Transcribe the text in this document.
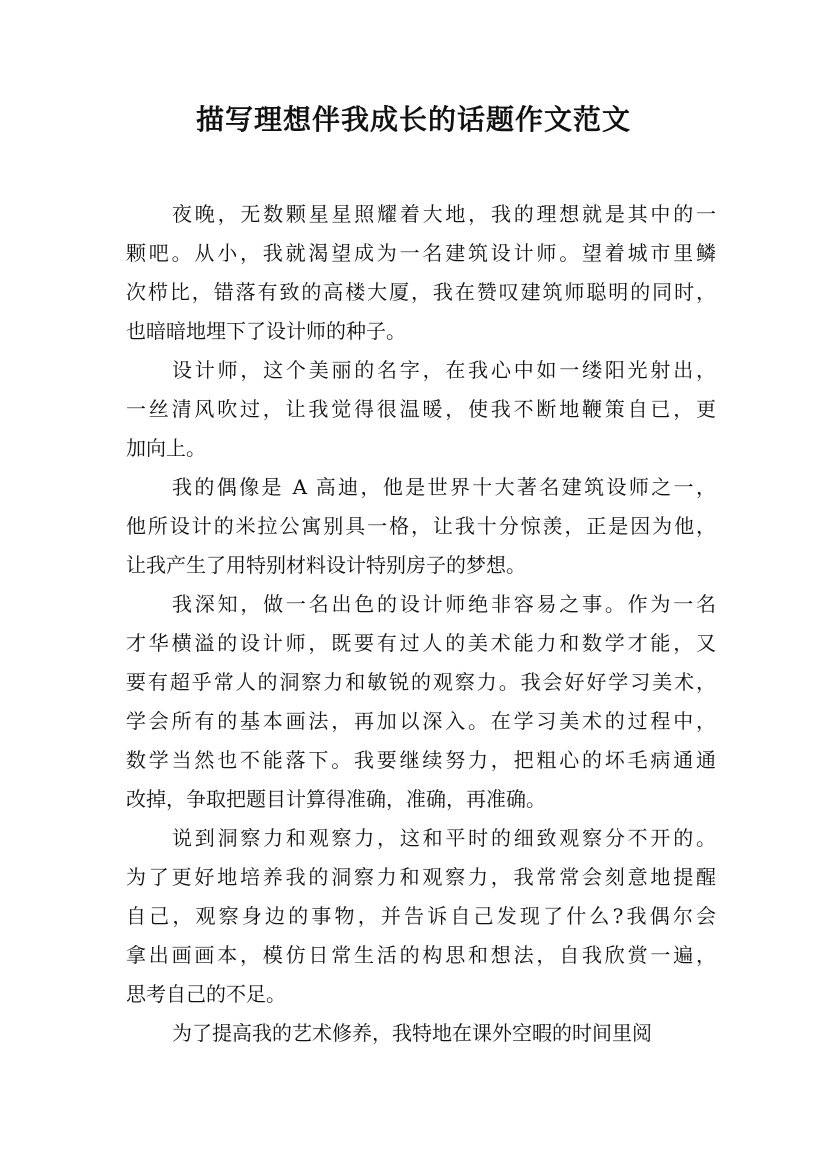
描写理想伴我成长的话题作文范文
夜晚，无数颗星星照耀着大地，我的理想就是其中的一
颗吧。从小，我就渴望成为一名建筑设计师。望着城市里鳞
次栉比，错落有致的高楼大厦，我在赞叹建筑师聪明的同时，
也暗暗地埋下了设计师的种子。
设计师，这个美丽的名字，在我心中如一缕阳光射出，
一丝清风吹过，让我觉得很温暖，使我不断地鞭策自已，更
加向上。
我的偶像是 A 高迪，他是世界十大著名建筑设师之一，
他所设计的米拉公寓别具一格，让我十分惊羡，正是因为他，
让我产生了用特别材料设计特别房子的梦想。
我深知，做一名出色的设计师绝非容易之事。作为一名
才华横溢的设计师，既要有过人的美术能力和数学才能，又
要有超乎常人的洞察力和敏锐的观察力。我会好好学习美术，
学会所有的基本画法，再加以深入。在学习美术的过程中，
数学当然也不能落下。我要继续努力，把粗心的坏毛病通通
改掉，争取把题目计算得准确，准确，再准确。
说到洞察力和观察力，这和平时的细致观察分不开的。
为了更好地培养我的洞察力和观察力，我常常会刻意地提醒
自己，观察身边的事物，并告诉自己发现了什么?我偶尔会
拿出画画本，模仿日常生活的构思和想法，自我欣赏一遍，
思考自己的不足。
为了提高我的艺术修养，我特地在课外空暇的时间里阅
